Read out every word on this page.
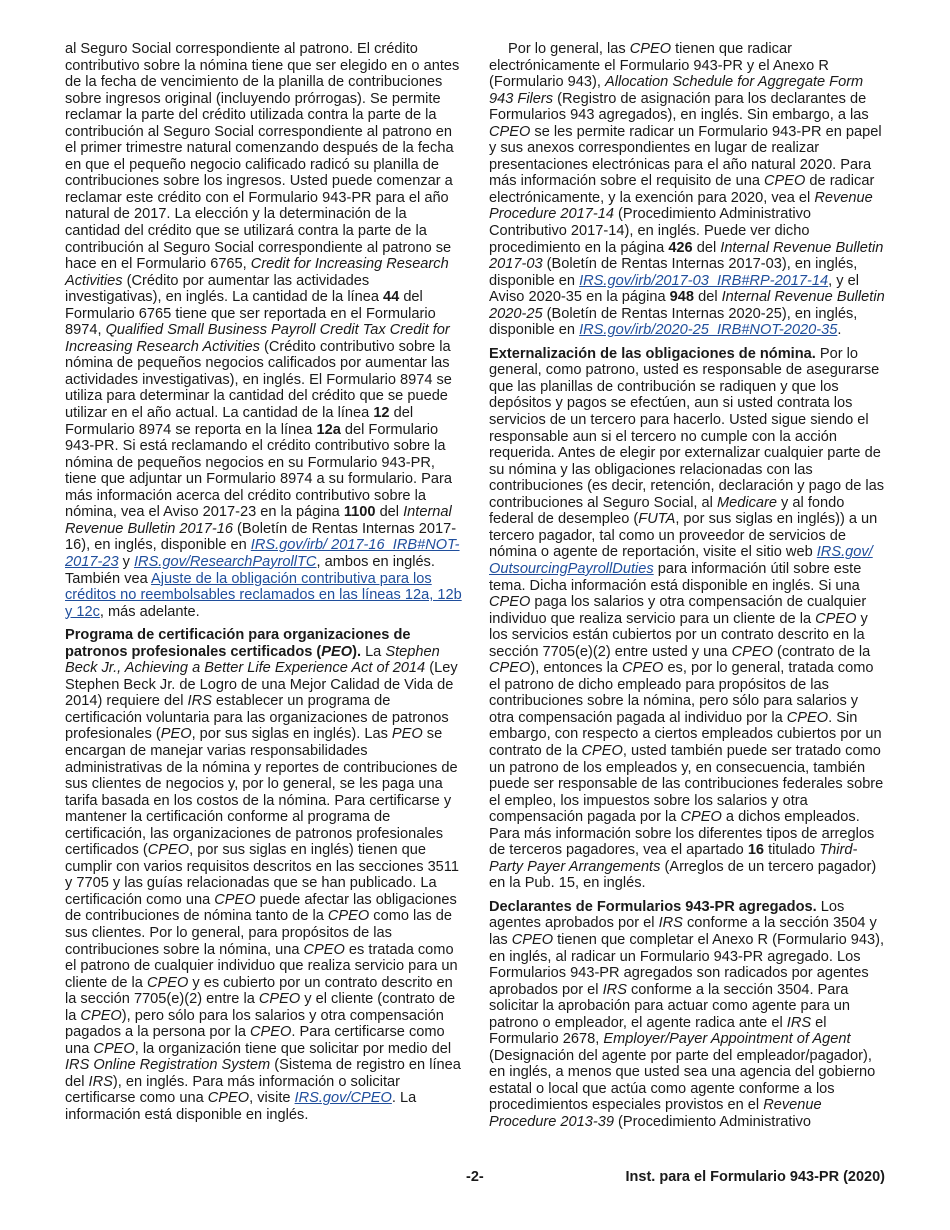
al Seguro Social correspondiente al patrono. El crédito contributivo sobre la nómina tiene que ser elegido en o antes de la fecha de vencimiento de la planilla de contribuciones sobre ingresos original (incluyendo prórrogas). Se permite reclamar la parte del crédito utilizada contra la parte de la contribución al Seguro Social correspondiente al patrono en el primer trimestre natural comenzando después de la fecha en que el pequeño negocio calificado radicó su planilla de contribuciones sobre los ingresos. Usted puede comenzar a reclamar este crédito con el Formulario 943-PR para el año natural de 2017. La elección y la determinación de la cantidad del crédito que se utilizará contra la parte de la contribución al Seguro Social correspondiente al patrono se hace en el Formulario 6765, Credit for Increasing Research Activities (Crédito por aumentar las actividades investigativas), en inglés. La cantidad de la línea 44 del Formulario 6765 tiene que ser reportada en el Formulario 8974, Qualified Small Business Payroll Credit Tax Credit for Increasing Research Activities (Crédito contributivo sobre la nómina de pequeños negocios calificados por aumentar las actividades investigativas), en inglés. El Formulario 8974 se utiliza para determinar la cantidad del crédito que se puede utilizar en el año actual. La cantidad de la línea 12 del Formulario 8974 se reporta en la línea 12a del Formulario 943-PR. Si está reclamando el crédito contributivo sobre la nómina de pequeños negocios en su Formulario 943-PR, tiene que adjuntar un Formulario 8974 a su formulario. Para más información acerca del crédito contributivo sobre la nómina, vea el Aviso 2017-23 en la página 1100 del Internal Revenue Bulletin 2017-16 (Boletín de Rentas Internas 2017-16), en inglés, disponible en IRS.gov/irb/ 2017-16_IRB#NOT-2017-23 y IRS.gov/ResearchPayrollTC, ambos en inglés. También vea Ajuste de la obligación contributiva para los créditos no reembolsables reclamados en las líneas 12a, 12b y 12c, más adelante.

Programa de certificación para organizaciones de patronos profesionales certificados (PEO). La Stephen Beck Jr., Achieving a Better Life Experience Act of 2014 (Ley Stephen Beck Jr. de Logro de una Mejor Calidad de Vida de 2014) requiere del IRS establecer un programa de certificación voluntaria para las organizaciones de patronos profesionales (PEO, por sus siglas en inglés). Las PEO se encargan de manejar varias responsabilidades administrativas de la nómina y reportes de contribuciones de sus clientes de negocios y, por lo general, se les paga una tarifa basada en los costos de la nómina. Para certificarse y mantener la certificación conforme al programa de certificación, las organizaciones de patronos profesionales certificados (CPEO, por sus siglas en inglés) tienen que cumplir con varios requisitos descritos en las secciones 3511 y 7705 y las guías relacionadas que se han publicado. La certificación como una CPEO puede afectar las obligaciones de contribuciones de nómina tanto de la CPEO como las de sus clientes. Por lo general, para propósitos de las contribuciones sobre la nómina, una CPEO es tratada como el patrono de cualquier individuo que realiza servicio para un cliente de la CPEO y es cubierto por un contrato descrito en la sección 7705(e)(2) entre la CPEO y el cliente (contrato de la CPEO), pero sólo para los salarios y otra compensación pagados a la persona por la CPEO. Para certificarse como una CPEO, la organización tiene que solicitar por medio del IRS Online Registration System (Sistema de registro en línea del IRS), en inglés. Para más información o solicitar certificarse como una CPEO, visite IRS.gov/CPEO. La información está disponible en inglés.

Por lo general, las CPEO tienen que radicar electrónicamente el Formulario 943-PR y el Anexo R (Formulario 943), Allocation Schedule for Aggregate Form 943 Filers (Registro de asignación para los declarantes de Formularios 943 agregados), en inglés. Sin embargo, a las CPEO se les permite radicar un Formulario 943-PR en papel y sus anexos correspondientes en lugar de realizar presentaciones electrónicas para el año natural 2020. Para más información sobre el requisito de una CPEO de radicar electrónicamente, y la exención para 2020, vea el Revenue Procedure 2017-14 (Procedimiento Administrativo Contributivo 2017-14), en inglés. Puede ver dicho procedimiento en la página 426 del Internal Revenue Bulletin 2017-03 (Boletín de Rentas Internas 2017-03), en inglés, disponible en IRS.gov/irb/2017-03_IRB#RP-2017-14, y el Aviso 2020-35 en la página 948 del Internal Revenue Bulletin 2020-25 (Boletín de Rentas Internas 2020-25), en inglés, disponible en IRS.gov/irb/2020-25_IRB#NOT-2020-35.

Externalización de las obligaciones de nómina. Por lo general, como patrono, usted es responsable de asegurarse que las planillas de contribución se radiquen y que los depósitos y pagos se efectúen, aun si usted contrata los servicios de un tercero para hacerlo. Usted sigue siendo el responsable aun si el tercero no cumple con la acción requerida. Antes de elegir por externalizar cualquier parte de su nómina y las obligaciones relacionadas con las contribuciones (es decir, retención, declaración y pago de las contribuciones al Seguro Social, al Medicare y al fondo federal de desempleo (FUTA, por sus siglas en inglés)) a un tercero pagador, tal como un proveedor de servicios de nómina o agente de reportación, visite el sitio web IRS.gov/ OutsourcingPayrollDuties para información útil sobre este tema. Dicha información está disponible en inglés. Si una CPEO paga los salarios y otra compensación de cualquier individuo que realiza servicio para un cliente de la CPEO y los servicios están cubiertos por un contrato descrito en la sección 7705(e)(2) entre usted y una CPEO (contrato de la CPEO), entonces la CPEO es, por lo general, tratada como el patrono de dicho empleado para propósitos de las contribuciones sobre la nómina, pero sólo para salarios y otra compensación pagada al individuo por la CPEO. Sin embargo, con respecto a ciertos empleados cubiertos por un contrato de la CPEO, usted también puede ser tratado como un patrono de los empleados y, en consecuencia, también puede ser responsable de las contribuciones federales sobre el empleo, los impuestos sobre los salarios y otra compensación pagada por la CPEO a dichos empleados. Para más información sobre los diferentes tipos de arreglos de terceros pagadores, vea el apartado 16 titulado Third-Party Payer Arrangements (Arreglos de un tercero pagador) en la Pub. 15, en inglés.

Declarantes de Formularios 943-PR agregados. Los agentes aprobados por el IRS conforme a la sección 3504 y las CPEO tienen que completar el Anexo R (Formulario 943), en inglés, al radicar un Formulario 943-PR agregado. Los Formularios 943-PR agregados son radicados por agentes aprobados por el IRS conforme a la sección 3504. Para solicitar la aprobación para actuar como agente para un patrono o empleador, el agente radica ante el IRS el Formulario 2678, Employer/Payer Appointment of Agent (Designación del agente por parte del empleador/pagador), en inglés, a menos que usted sea una agencia del gobierno estatal o local que actúa como agente conforme a los procedimientos especiales provistos en el Revenue Procedure 2013-39 (Procedimiento Administrativo

-2-	Inst. para el Formulario 943-PR (2020)
